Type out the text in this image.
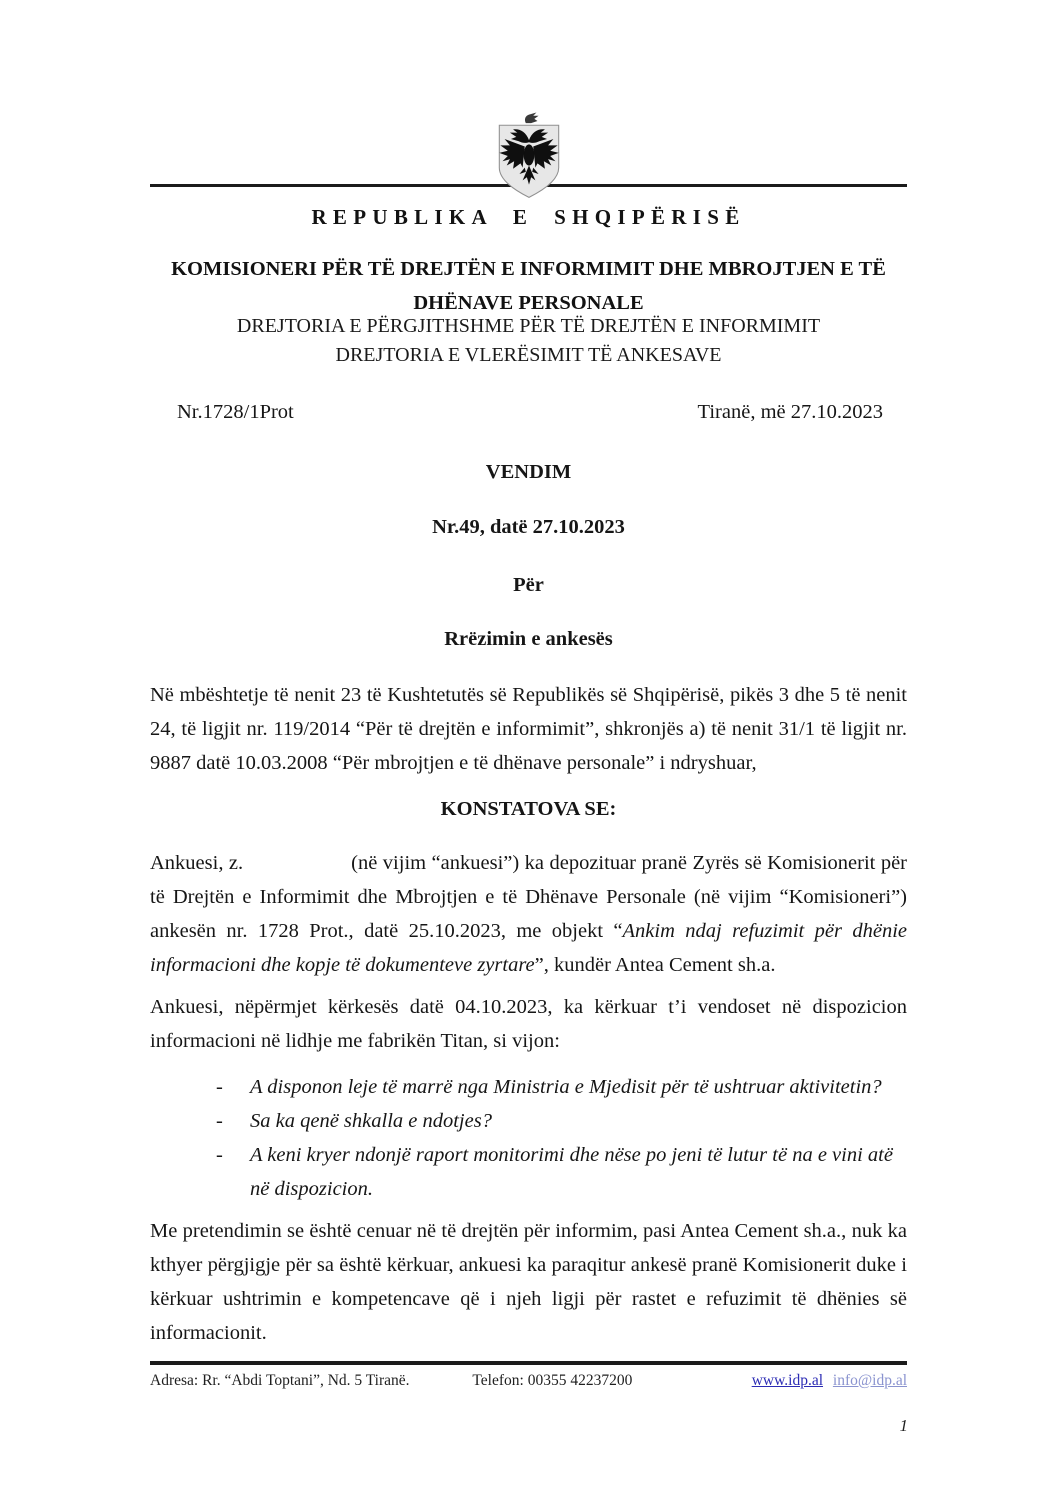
REPUBLIKA E SHQIPËRISË
KOMISIONERI PËR TË DREJTËN E INFORMIMIT DHE MBROJTJEN E TË
DHËNAVE PERSONALE
DREJTORIA E PËRGJITHSHME PËR TË DREJTËN E INFORMIMIT
DREJTORIA E VLERËSIMIT TË ANKESAVE
Nr.1728/1Prot	Tiranë, më 27.10.2023
VENDIM
Nr.49, datë 27.10.2023
Për
Rrëzimin e ankesës

Në mbështetje të nenit 23 të Kushtetutës së Republikës së Shqipërisë, pikës 3 dhe 5 të nenit 24, të ligjit nr. 119/2014 “Për të drejtën e informimit”, shkronjës a) të nenit 31/1 të ligjit nr. 9887 datë 10.03.2008 “Për mbrojtjen e të dhënave personale” i ndryshuar,

KONSTATOVA SE:

Ankuesi, z.	(në vijim “ankuesi”) ka depozituar pranë Zyrës së Komisionerit për të Drejtën e Informimit dhe Mbrojtjen e të Dhënave Personale (në vijim “Komisioneri”) ankesën nr. 1728 Prot., datë 25.10.2023, me objekt “Ankim ndaj refuzimit për dhënie informacioni dhe kopje të dokumenteve zyrtare”, kundër Antea Cement sh.a.

Ankuesi, nëpërmjet kërkesës datë 04.10.2023, ka kërkuar t’i vendoset në dispozicion informacioni në lidhje me fabrikën Titan, si vijon:

-	A disponon leje të marrë nga Ministria e Mjedisit për të ushtruar aktivitetin?
-	Sa ka qenë shkalla e ndotjes?
-	A keni kryer ndonjë raport monitorimi dhe nëse po jeni të lutur të na e vini atë në dispozicion.

Me pretendimin se është cenuar në të drejtën për informim, pasi Antea Cement sh.a., nuk ka kthyer përgjigje për sa është kërkuar, ankuesi ka paraqitur ankesë pranë Komisionerit duke i kërkuar ushtrimin e kompetencave që i njeh ligji për rastet e refuzimit të dhënies së informacionit.

Adresa: Rr. “Abdi Toptani”, Nd. 5 Tiranë.	Telefon: 00355 42237200	www.idp.al info@idp.al
1
